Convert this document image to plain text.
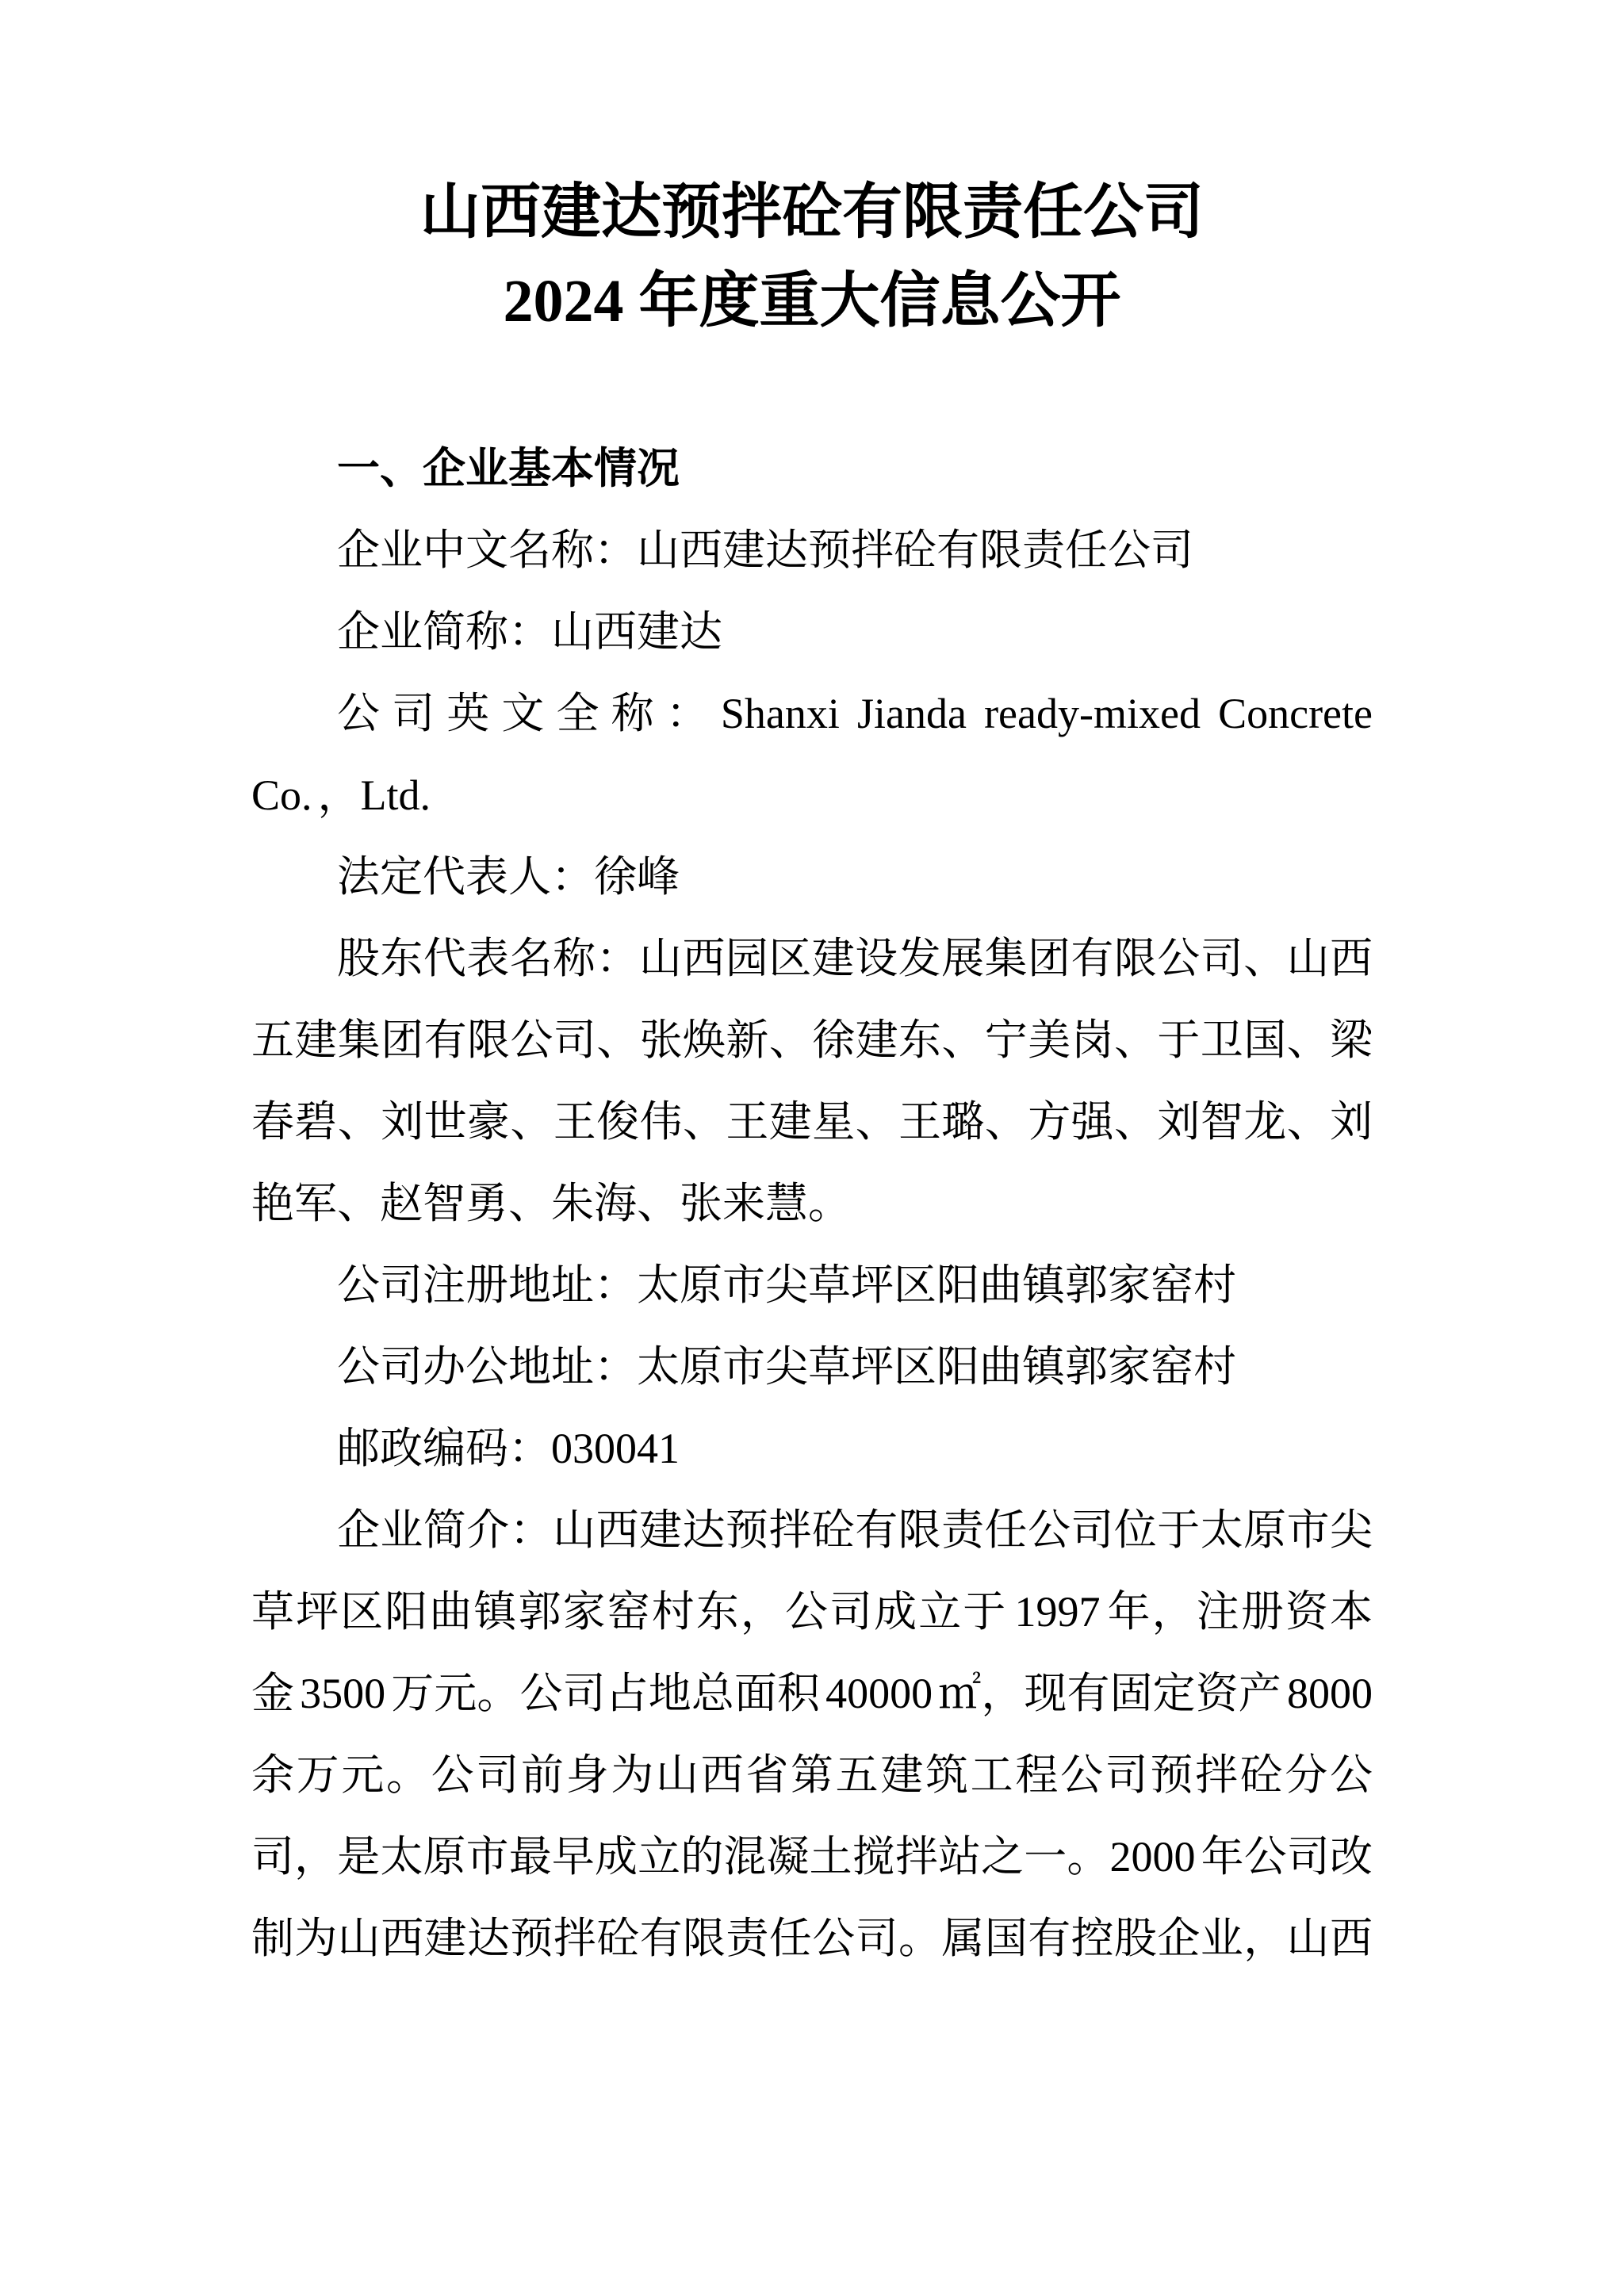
山西建达预拌砼有限责任公司
2024 年度重大信息公开
一、企业基本情况
企业中文名称：山西建达预拌砼有限责任公司
企业简称：山西建达
公司英文全称：Shanxi Jianda ready-mixed Concrete
Co. ，Ltd.
法定代表人：徐峰
股东代表名称：山西园区建设发展集团有限公司、山西
五建集团有限公司、张焕新、徐建东、宁美岗、于卫国、梁
春碧、刘世豪、王俊伟、王建星、王璐、方强、刘智龙、刘
艳军、赵智勇、朱海、张来慧。
公司注册地址：太原市尖草坪区阳曲镇郭家窑村
公司办公地址：太原市尖草坪区阳曲镇郭家窑村
邮政编码：030041
企业简介：山西建达预拌砼有限责任公司位于太原市尖
草坪区阳曲镇郭家窑村东，公司成立于 1997 年，注册资本
金 3500 万元。公司占地总面积 40000 ㎡，现有固定资产 8000
余万元。公司前身为山西省第五建筑工程公司预拌砼分公
司，是太原市最早成立的混凝土搅拌站之一。2000 年公司改
制为山西建达预拌砼有限责任公司。属国有控股企业，山西
